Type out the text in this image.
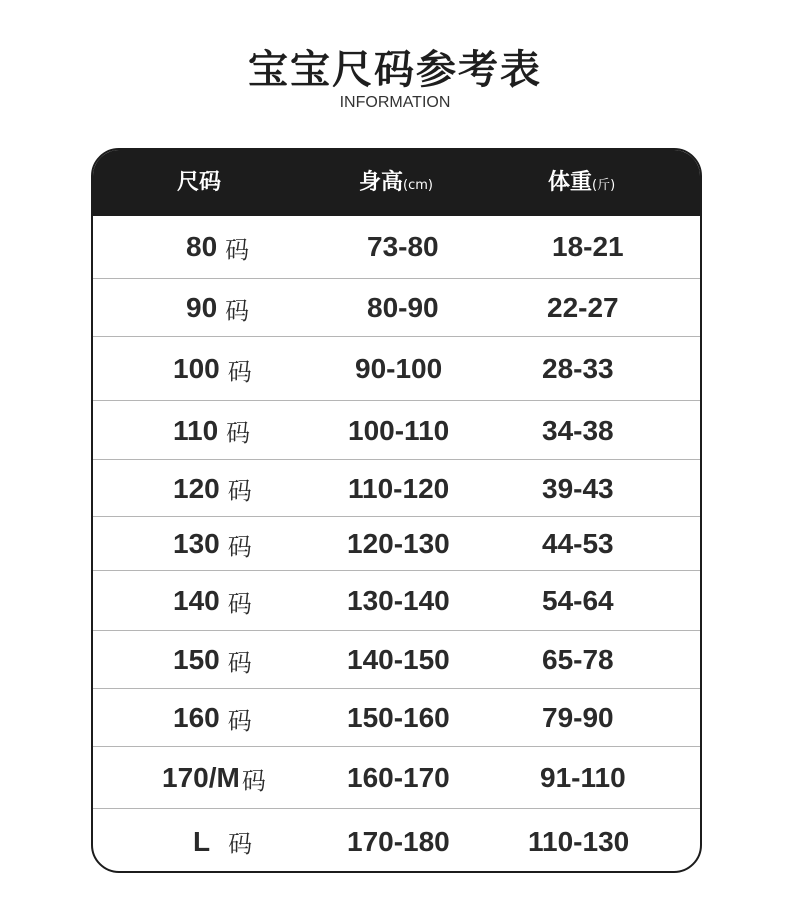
宝宝尺码参考表
INFORMATION
尺码	身高(cm)	体重(斤)
80 码	73-80	18-21
90 码	80-90	22-27
100 码	90-100	28-33
110 码	100-110	34-38
120 码	110-120	39-43
130 码	120-130	44-53
140 码	130-140	54-64
150 码	140-150	65-78
160 码	150-160	79-90
170/M 码	160-170	91-110
L 码	170-180	110-130
